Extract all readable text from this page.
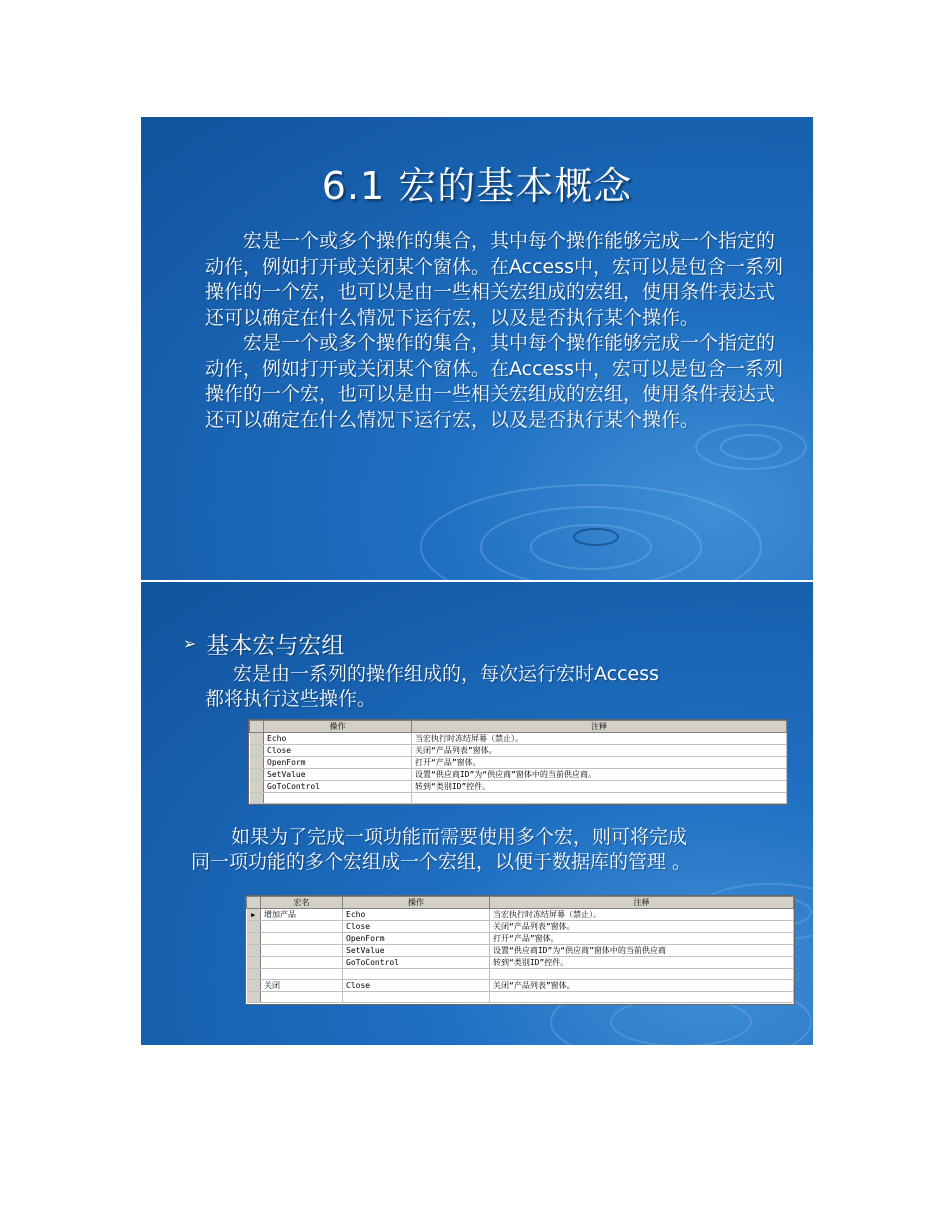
6.1 宏的基本概念

宏是一个或多个操作的集合，其中每个操作能够完成一个指定的动作，例如打开或关闭某个窗体。在Access中，宏可以是包含一系列操作的一个宏，也可以是由一些相关宏组成的宏组，使用条件表达式还可以确定在什么情况下运行宏，以及是否执行某个操作。

宏是一个或多个操作的集合，其中每个操作能够完成一个指定的动作，例如打开或关闭某个窗体。在Access中，宏可以是包含一系列操作的一个宏，也可以是由一些相关宏组成的宏组，使用条件表达式还可以确定在什么情况下运行宏，以及是否执行某个操作。

➢ 基本宏与宏组

宏是由一系列的操作组成的，每次运行宏时Access

都将执行这些操作。

	操作	注释
	Echo	当宏执行时冻结屏幕（禁止）。
	Close	关闭“产品列表”窗体。
	OpenForm	打开“产品”窗体。
	SetValue	设置“供应商ID”为“供应商”窗体中的当前供应商。
	GoToControl	转到“类别ID”控件。

如果为了完成一项功能而需要使用多个宏，则可将完成

同一项功能的多个宏组成一个宏组，以便于数据库的管理 。

	宏名	操作	注释
▶	增加产品	Echo	当宏执行时冻结屏幕（禁止）。
		Close	关闭“产品列表”窗体。
		OpenForm	打开“产品”窗体。
		SetValue	设置“供应商ID”为“供应商”窗体中的当前供应商
		GoToControl	转到“类别ID”控件。

	关闭	Close	关闭“产品列表”窗体。
